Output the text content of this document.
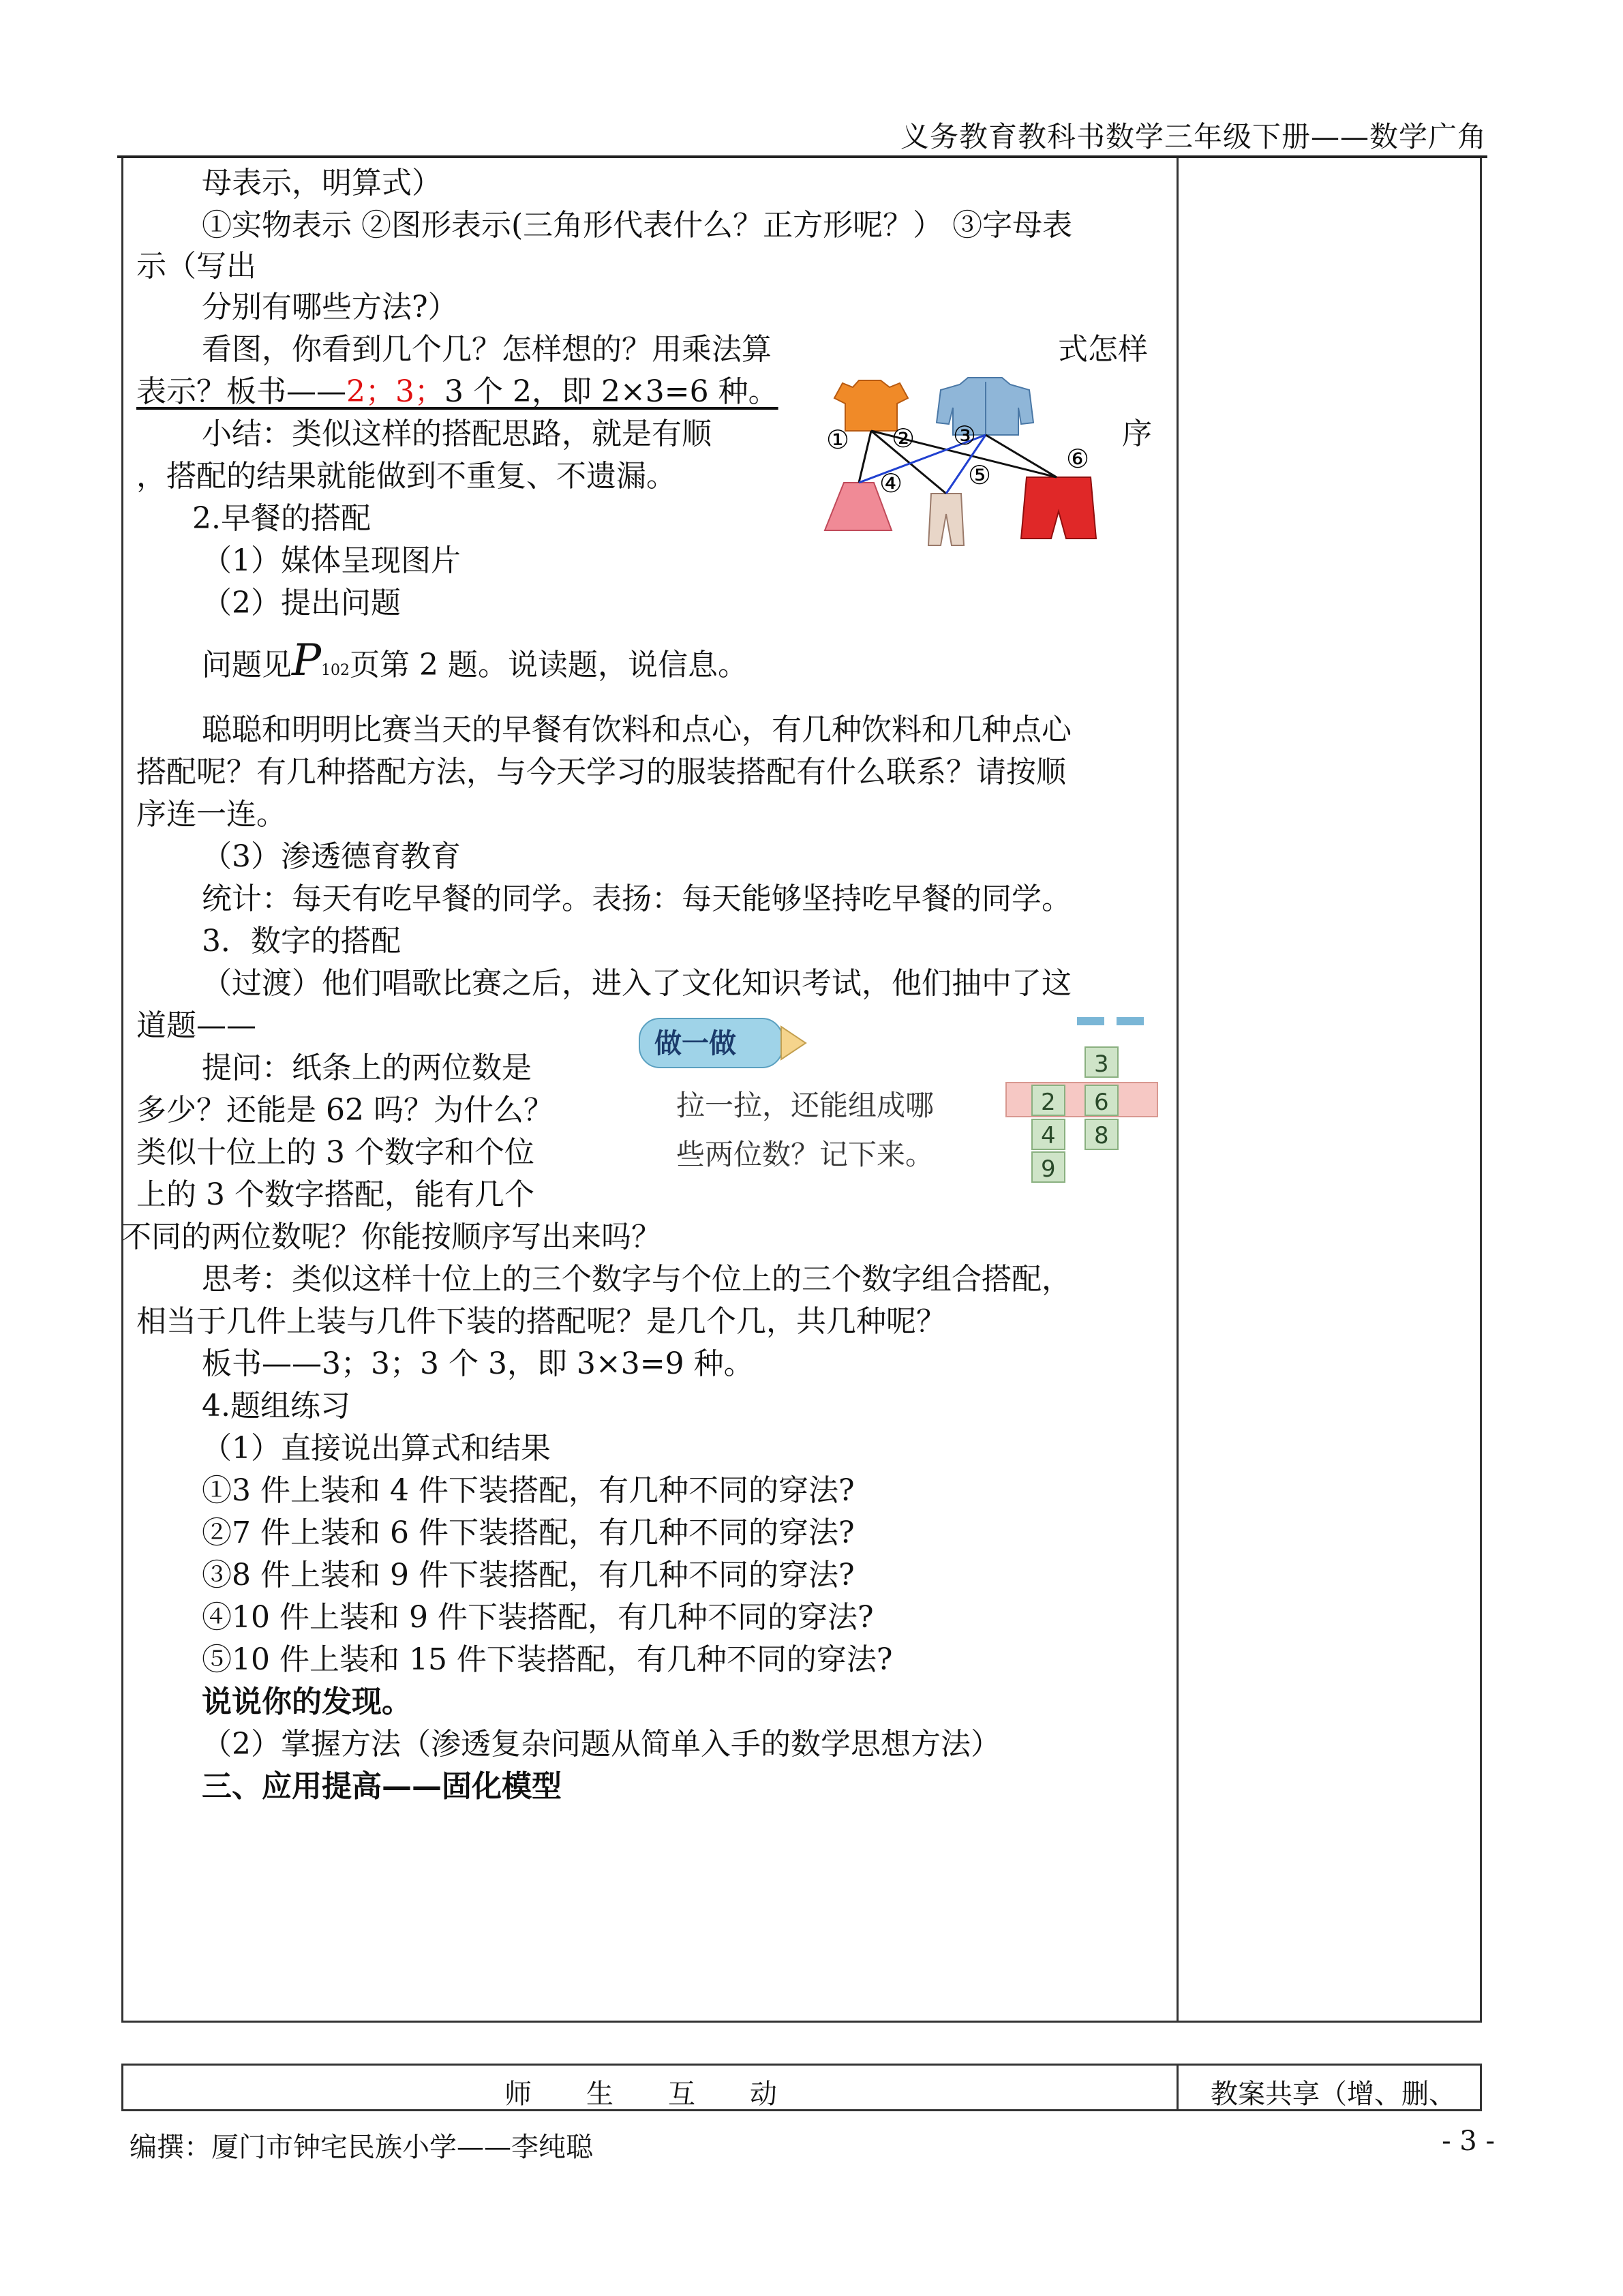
义务教育教科书数学三年级下册——数学广角
母表示，明算式）
①实物表示 ②图形表示(三角形代表什么？正方形呢？） ③字母表
示（写出
分别有哪些方法?）
看图，你看到几个几？怎样想的？用乘法算	式怎样
表示？板书——2；3；3 个 2，即 2×3=6 种。
小结：类似这样的搭配思路，就是有顺	序
，搭配的结果就能做到不重复、不遗漏。
2.早餐的搭配
（1）媒体呈现图片
（2）提出问题
问题见P102页第 2 题。说读题，说信息。
聪聪和明明比赛当天的早餐有饮料和点心，有几种饮料和几种点心
搭配呢？有几种搭配方法，与今天学习的服装搭配有什么联系？请按顺
序连一连。
（3）渗透德育教育
统计：每天有吃早餐的同学。表扬：每天能够坚持吃早餐的同学。
3．数字的搭配
（过渡）他们唱歌比赛之后，进入了文化知识考试，他们抽中了这
道题——
提问：纸条上的两位数是
多少？还能是 62 吗？为什么？
类似十位上的 3 个数字和个位
上的 3 个数字搭配，能有几个
不同的两位数呢？你能按顺序写出来吗？
思考：类似这样十位上的三个数字与个位上的三个数字组合搭配，
相当于几件上装与几件下装的搭配呢？是几个几，共几种呢？
板书——3；3；3 个 3，即 3×3=9 种。
4.题组练习
（1）直接说出算式和结果
①3 件上装和 4 件下装搭配，有几种不同的穿法?
②7 件上装和 6 件下装搭配，有几种不同的穿法?
③8 件上装和 9 件下装搭配，有几种不同的穿法?
④10 件上装和 9 件下装搭配，有几种不同的穿法?
⑤10 件上装和 15 件下装搭配，有几种不同的穿法?
说说你的发现。
（2）掌握方法（渗透复杂问题从简单入手的数学思想方法）
三、应用提高——固化模型
① ② ③
④	⑤
⑥
做一做
拉一拉，还能组成哪
些两位数？记下来。
2
4
9
3
6
8
师　　生　　互　　动	教案共享（增、删、
编撰：厦门市钟宅民族小学——李纯聪	- 3 -
